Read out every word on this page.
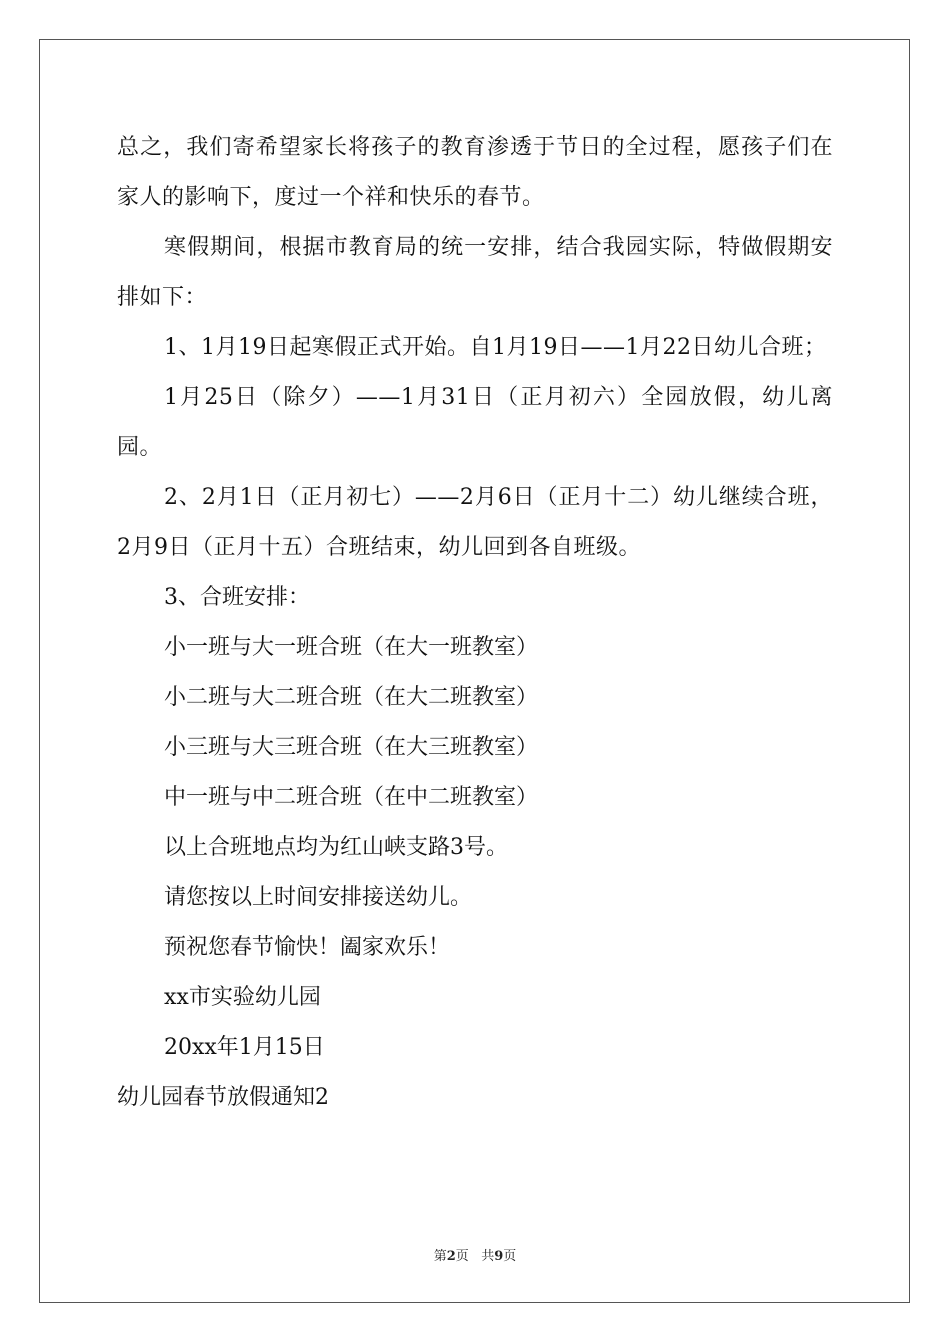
总之，我们寄希望家长将孩子的教育渗透于节日的全过程，愿孩子们在家人的影响下，度过一个祥和快乐的春节。

寒假期间，根据市教育局的统一安排，结合我园实际，特做假期安排如下：

1、1月19日起寒假正式开始。自1月19日——1月22日幼儿合班；

1月25日（除夕）——1月31日（正月初六）全园放假，幼儿离园。

2、2月1日（正月初七）——2月6日（正月十二）幼儿继续合班，2月9日（正月十五）合班结束，幼儿回到各自班级。

3、合班安排：

小一班与大一班合班（在大一班教室）

小二班与大二班合班（在大二班教室）

小三班与大三班合班（在大三班教室）

中一班与中二班合班（在中二班教室）

以上合班地点均为红山峡支路3号。

请您按以上时间安排接送幼儿。

预祝您春节愉快！阖家欢乐！

xx市实验幼儿园

20xx年1月15日

幼儿园春节放假通知2

第2页 共9页
